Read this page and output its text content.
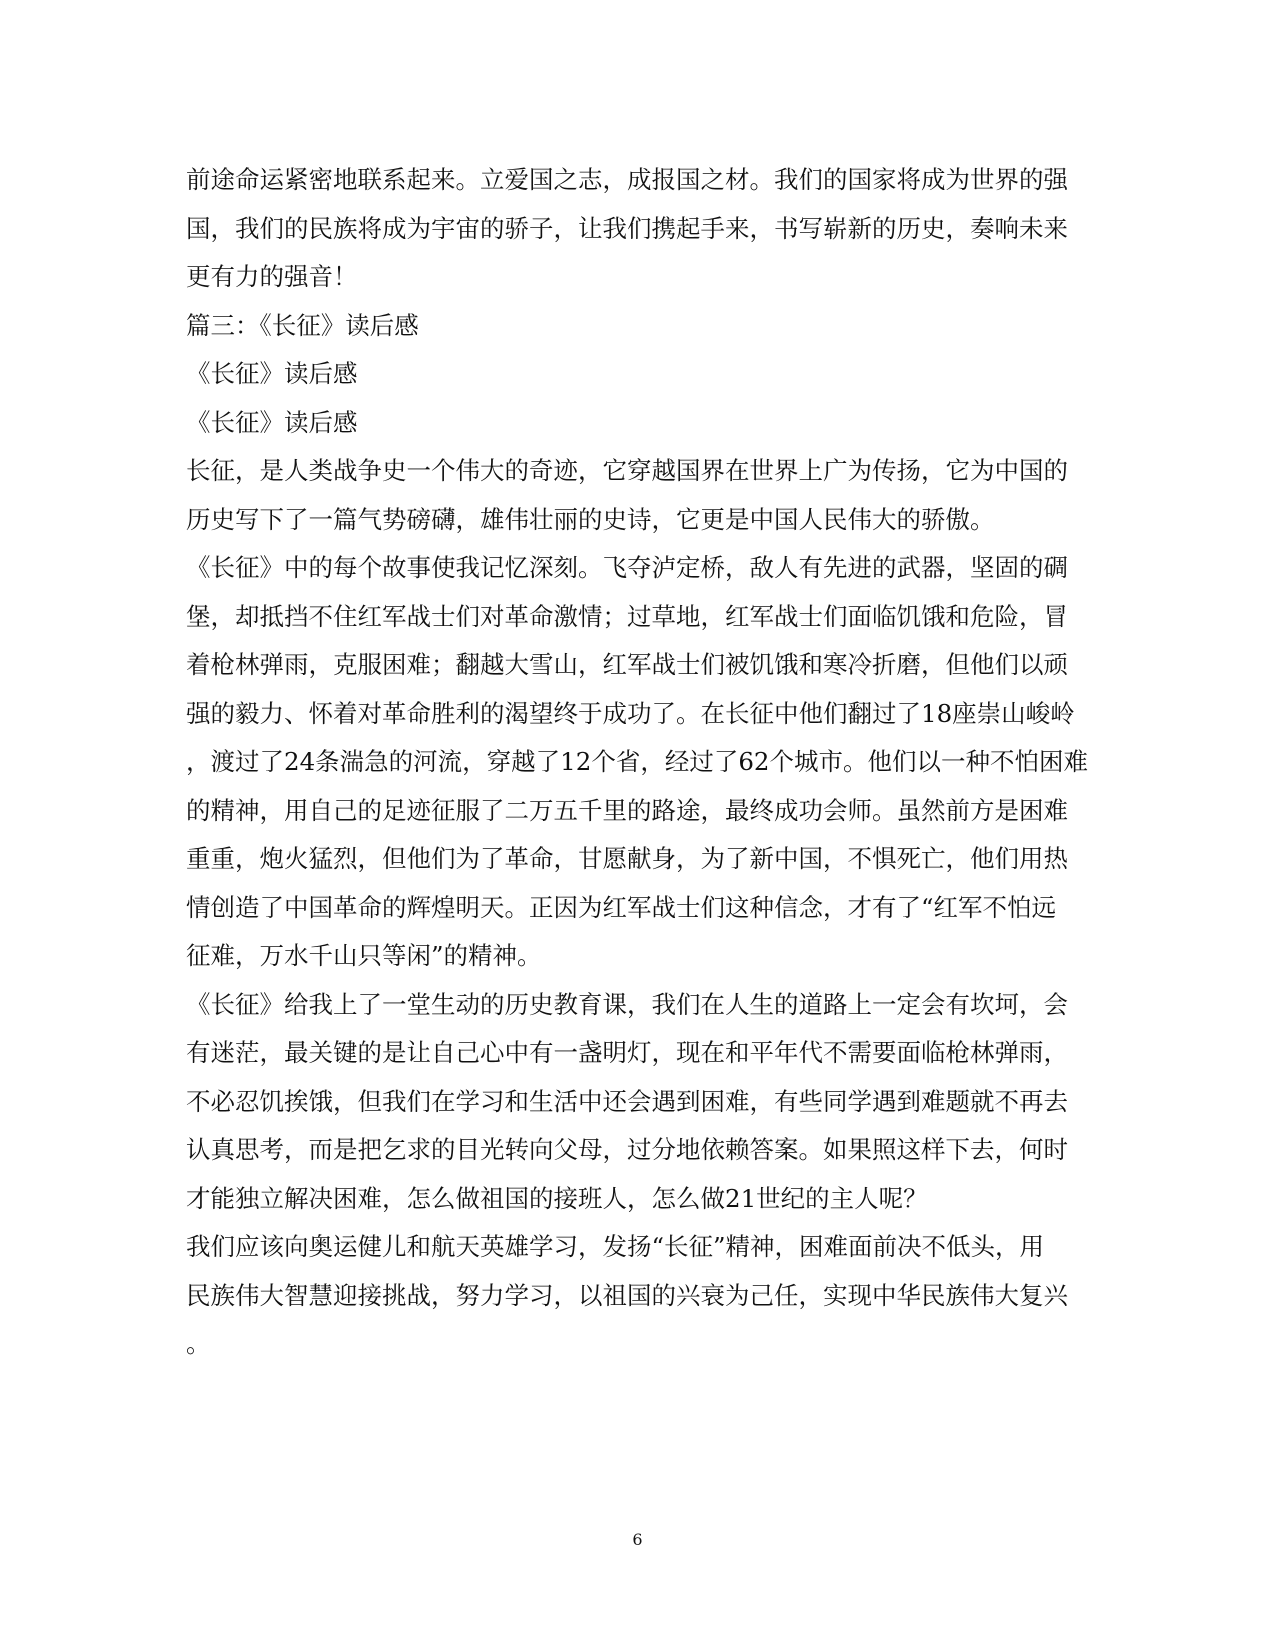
前途命运紧密地联系起来。立爱国之志，成报国之材。我们的国家将成为世界的强
国，我们的民族将成为宇宙的骄子，让我们携起手来，书写崭新的历史，奏响未来
更有力的强音！
篇三：《长征》读后感
《长征》读后感
《长征》读后感
长征，是人类战争史一个伟大的奇迹，它穿越国界在世界上广为传扬，它为中国的
历史写下了一篇气势磅礴，雄伟壮丽的史诗，它更是中国人民伟大的骄傲。
《长征》中的每个故事使我记忆深刻。飞夺泸定桥，敌人有先进的武器，坚固的碉
堡，却抵挡不住红军战士们对革命激情；过草地，红军战士们面临饥饿和危险，冒
着枪林弹雨，克服困难；翻越大雪山，红军战士们被饥饿和寒冷折磨，但他们以顽
强的毅力、怀着对革命胜利的渴望终于成功了。在长征中他们翻过了18座崇山峻岭
，渡过了24条湍急的河流，穿越了12个省，经过了62个城市。他们以一种不怕困难
的精神，用自己的足迹征服了二万五千里的路途，最终成功会师。虽然前方是困难
重重，炮火猛烈，但他们为了革命，甘愿献身，为了新中国，不惧死亡，他们用热
情创造了中国革命的辉煌明天。正因为红军战士们这种信念，才有了“红军不怕远
征难，万水千山只等闲”的精神。
《长征》给我上了一堂生动的历史教育课，我们在人生的道路上一定会有坎坷，会
有迷茫，最关键的是让自己心中有一盏明灯，现在和平年代不需要面临枪林弹雨，
不必忍饥挨饿，但我们在学习和生活中还会遇到困难，有些同学遇到难题就不再去
认真思考，而是把乞求的目光转向父母，过分地依赖答案。如果照这样下去，何时
才能独立解决困难，怎么做祖国的接班人，怎么做21世纪的主人呢？
我们应该向奥运健儿和航天英雄学习，发扬“长征”精神，困难面前决不低头，用
民族伟大智慧迎接挑战，努力学习，以祖国的兴衰为己任，实现中华民族伟大复兴
。
6
